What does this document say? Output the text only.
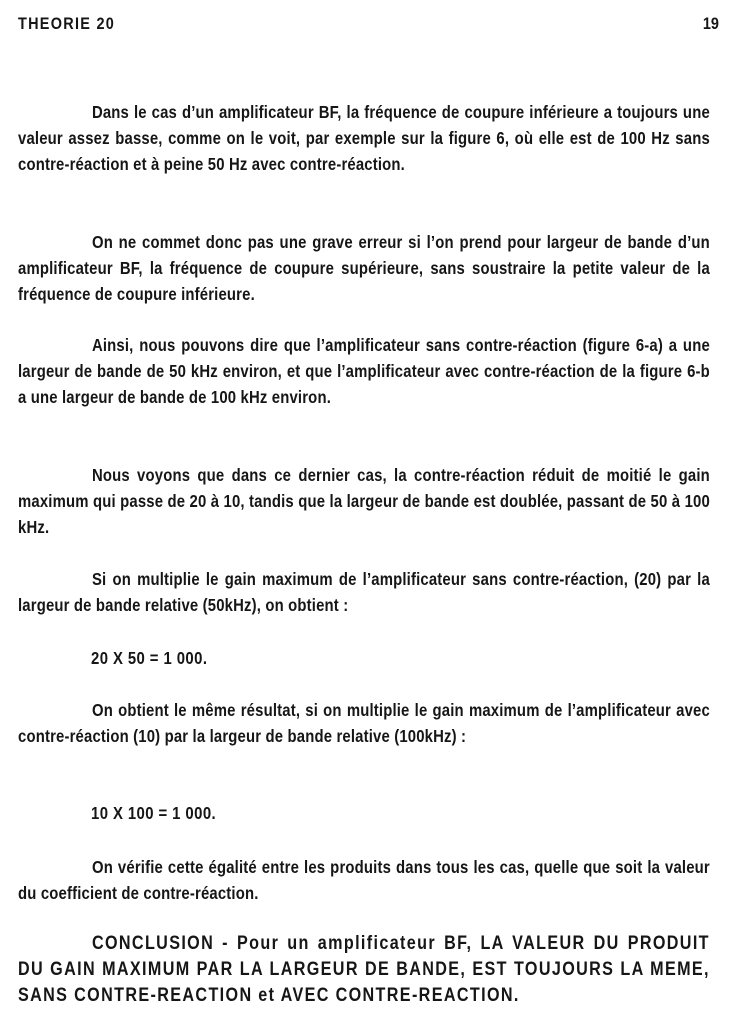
THEORIE 20	19
Dans le cas d’un amplificateur BF, la fréquence de coupure inférieure a toujours une valeur assez basse, comme on le voit, par exemple sur la figure 6, où elle est de 100 Hz sans contre-réaction et à peine 50 Hz avec contre-réaction.
On ne commet donc pas une grave erreur si l’on prend pour largeur de bande d’un amplificateur BF, la fréquence de coupure supérieure, sans soustraire la petite valeur de la fréquence de coupure inférieure.
Ainsi, nous pouvons dire que l’amplificateur sans contre-réaction (figure 6-a) a une largeur de bande de 50 kHz environ, et que l’amplificateur avec contre-réaction de la figure 6-b a une largeur de bande de 100 kHz environ.
Nous voyons que dans ce dernier cas, la contre-réaction réduit de moitié le gain maximum qui passe de 20 à 10, tandis que la largeur de bande est doublée, passant de 50 à 100 kHz.
Si on multiplie le gain maximum de l’amplificateur sans contre-réaction, (20) par la largeur de bande relative (50kHz), on obtient :
20 X 50 = 1 000.
On obtient le même résultat, si on multiplie le gain maximum de l’amplificateur avec contre-réaction (10) par la largeur de bande relative (100kHz) :
10 X 100 = 1 000.
On vérifie cette égalité entre les produits dans tous les cas, quelle que soit la valeur du coefficient de contre-réaction.
CONCLUSION - Pour un amplificateur BF, LA VALEUR DU PRODUIT DU GAIN MAXIMUM PAR LA LARGEUR DE BANDE, EST TOUJOURS LA MEME, SANS CONTRE-REACTION et AVEC CONTRE-REACTION.
